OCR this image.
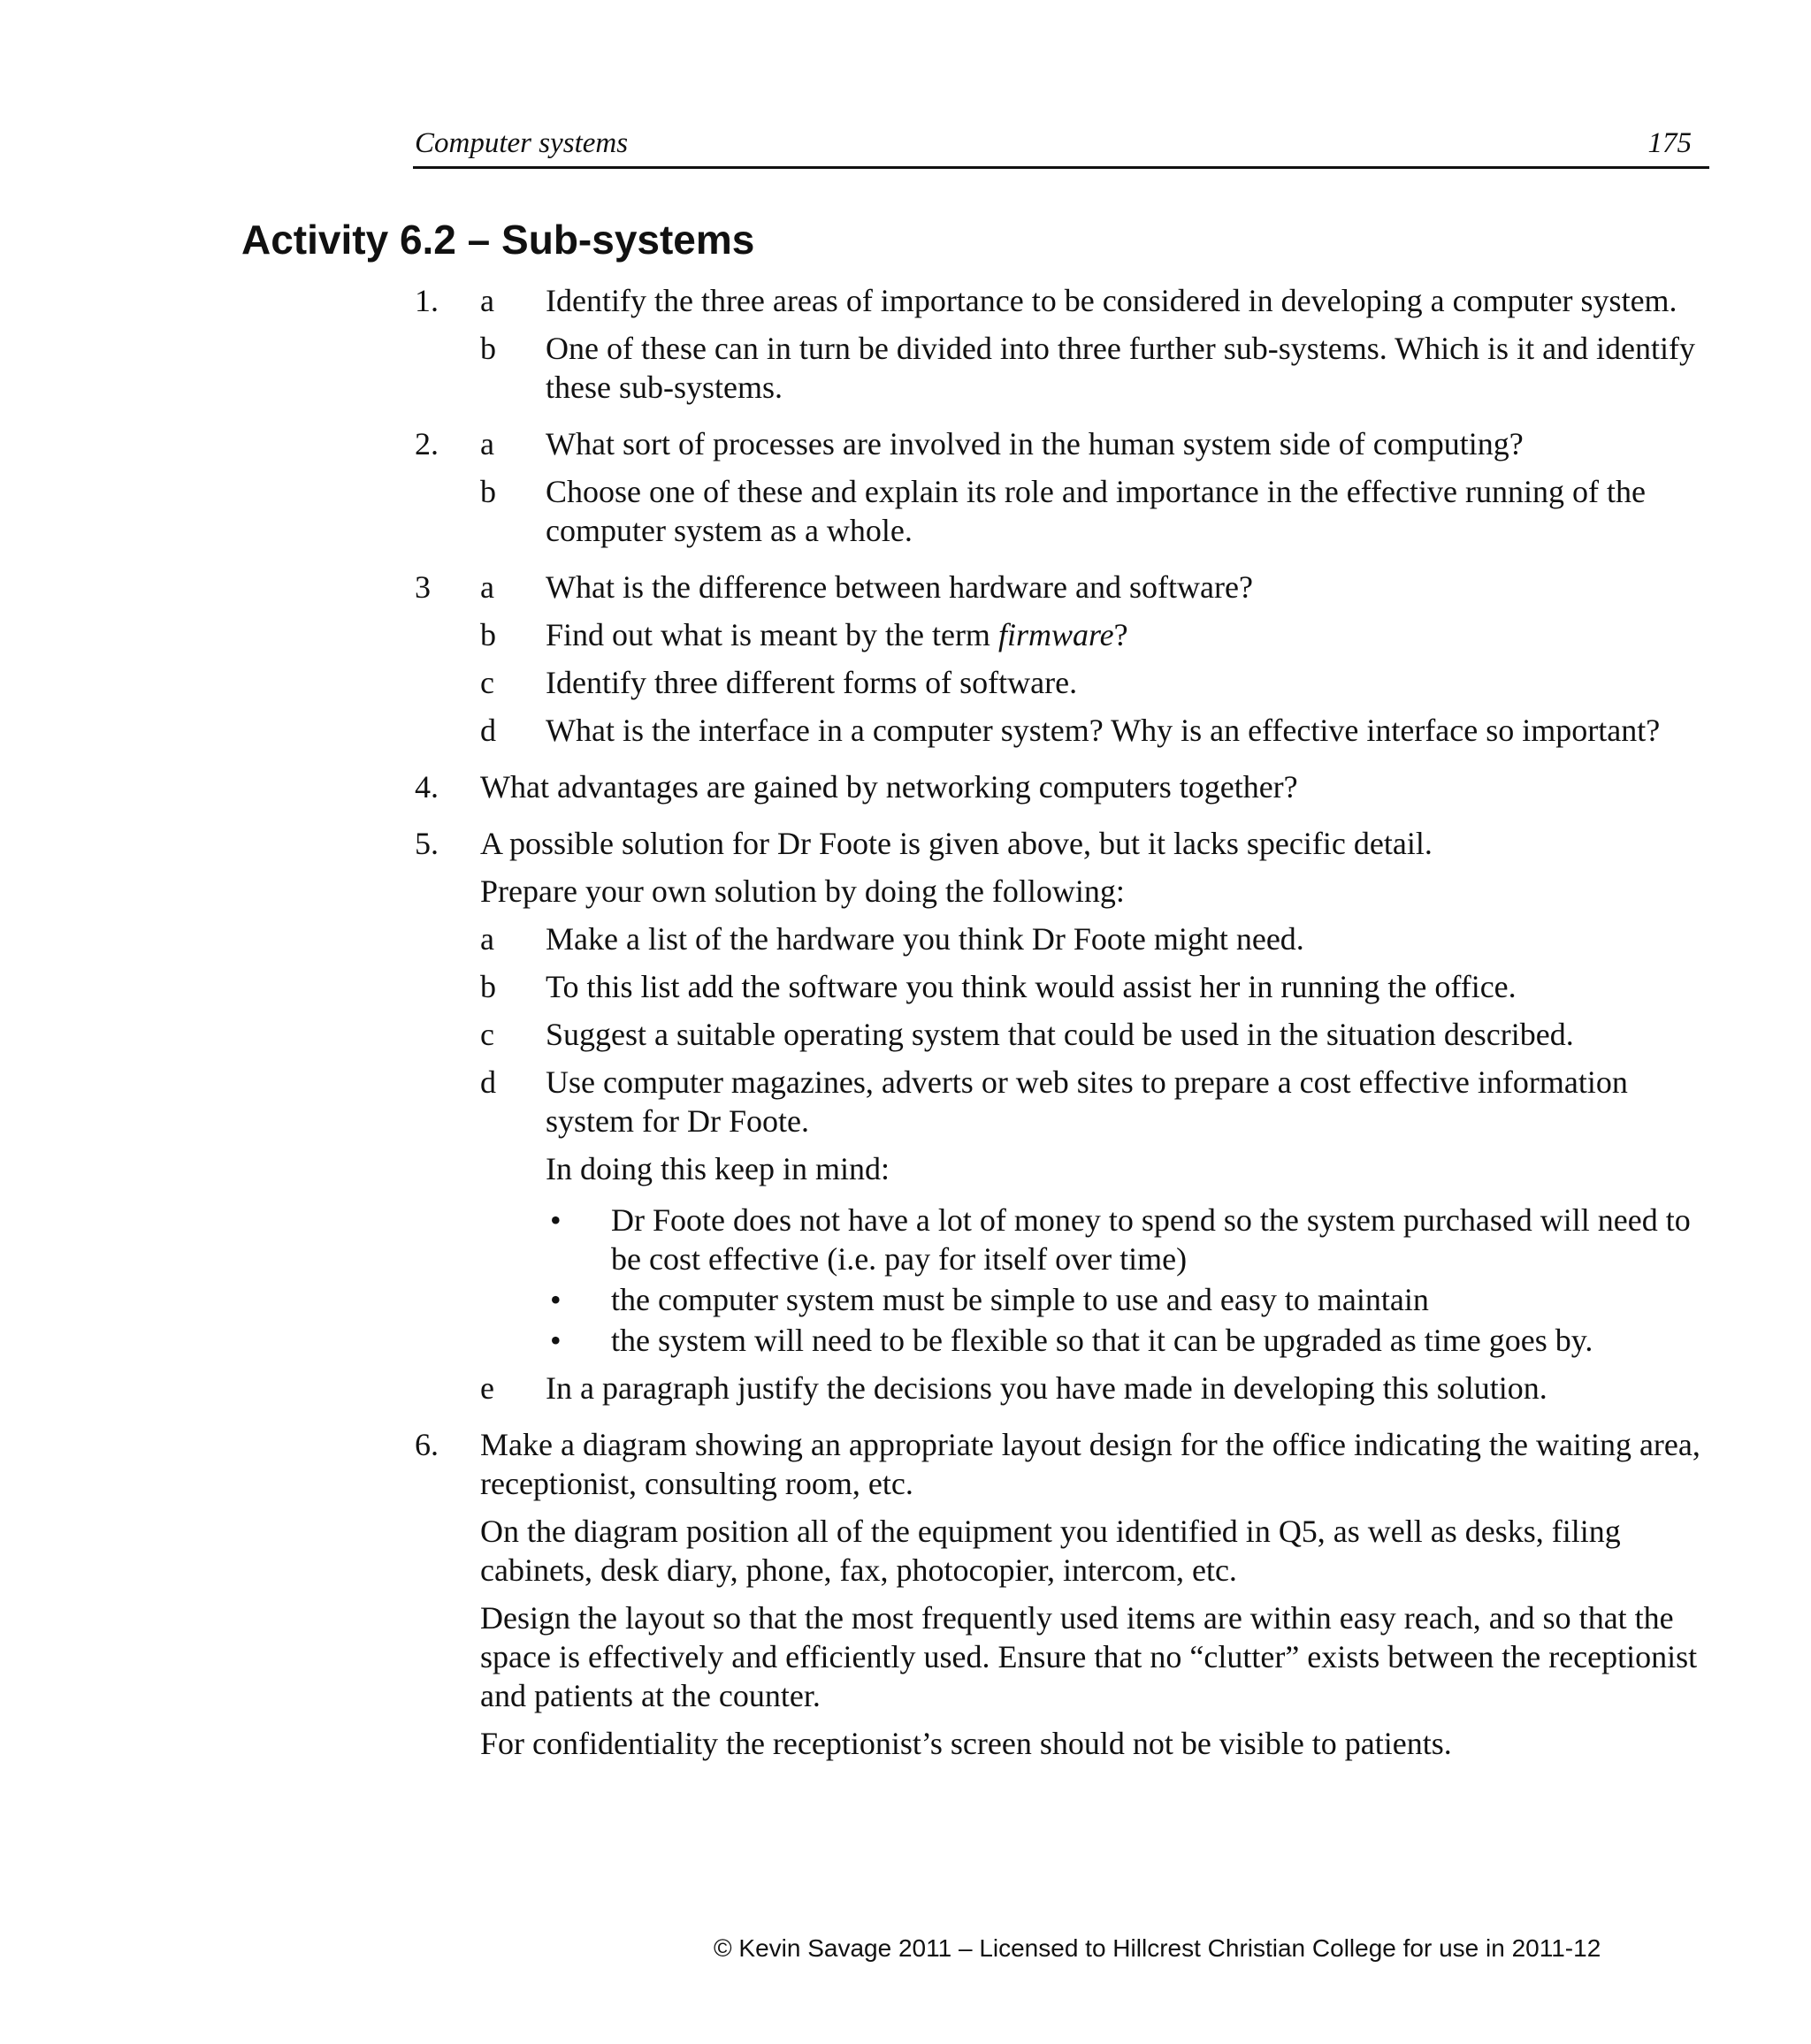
Computer systems	175
Activity 6.2 – Sub-systems
1. a Identify the three areas of importance to be considered in developing a computer system.
b One of these can in turn be divided into three further sub-systems. Which is it and identify these sub-systems.
2. a What sort of processes are involved in the human system side of computing?
b Choose one of these and explain its role and importance in the effective running of the computer system as a whole.
3 a What is the difference between hardware and software?
b Find out what is meant by the term firmware?
c Identify three different forms of software.
d What is the interface in a computer system? Why is an effective interface so important?
4. What advantages are gained by networking computers together?
5. A possible solution for Dr Foote is given above, but it lacks specific detail.
Prepare your own solution by doing the following:
a Make a list of the hardware you think Dr Foote might need.
b To this list add the software you think would assist her in running the office.
c Suggest a suitable operating system that could be used in the situation described.
d Use computer magazines, adverts or web sites to prepare a cost effective information system for Dr Foote.
In doing this keep in mind:
• Dr Foote does not have a lot of money to spend so the system purchased will need to be cost effective (i.e. pay for itself over time)
• the computer system must be simple to use and easy to maintain
• the system will need to be flexible so that it can be upgraded as time goes by.
e In a paragraph justify the decisions you have made in developing this solution.
6. Make a diagram showing an appropriate layout design for the office indicating the waiting area, receptionist, consulting room, etc.
On the diagram position all of the equipment you identified in Q5, as well as desks, filing cabinets, desk diary, phone, fax, photocopier, intercom, etc.
Design the layout so that the most frequently used items are within easy reach, and so that the space is effectively and efficiently used. Ensure that no “clutter” exists between the receptionist and patients at the counter.
For confidentiality the receptionist’s screen should not be visible to patients.
© Kevin Savage 2011 – Licensed to Hillcrest Christian College for use in 2011-12
